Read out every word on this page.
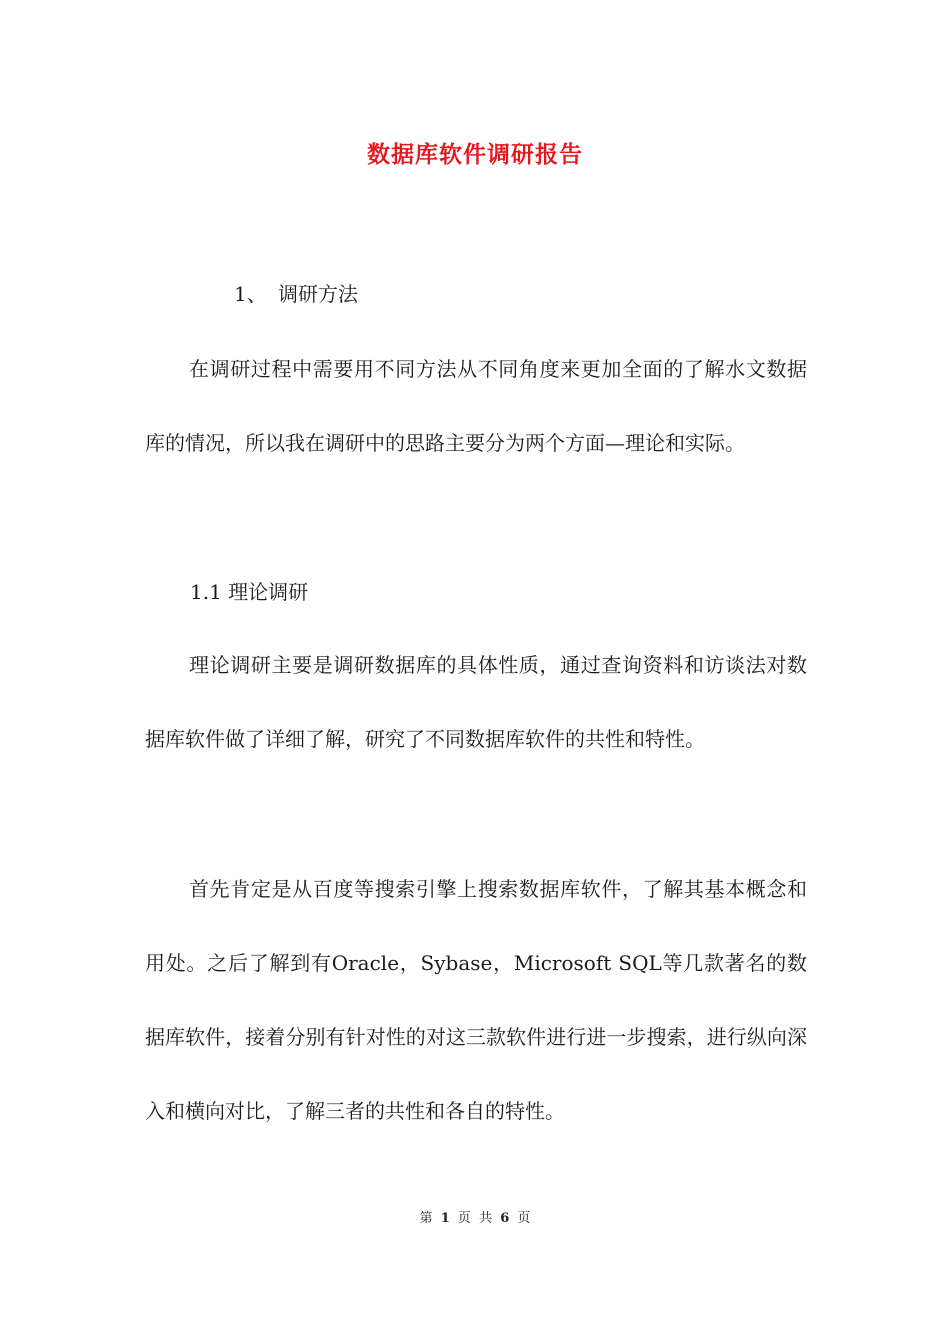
数据库软件调研报告
1、 调研方法

在调研过程中需要用不同方法从不同角度来更加全面的了解水文数据库的情况，所以我在调研中的思路主要分为两个方面—理论和实际。

1.1 理论调研

理论调研主要是调研数据库的具体性质，通过查询资料和访谈法对数据库软件做了详细了解，研究了不同数据库软件的共性和特性。

首先肯定是从百度等搜索引擎上搜索数据库软件，了解其基本概念和用处。之后了解到有Oracle，Sybase，Microsoft SQL等几款著名的数据库软件，接着分别有针对性的对这三款软件进行进一步搜索，进行纵向深入和横向对比，了解三者的共性和各自的特性。

第 1 页 共 6 页
